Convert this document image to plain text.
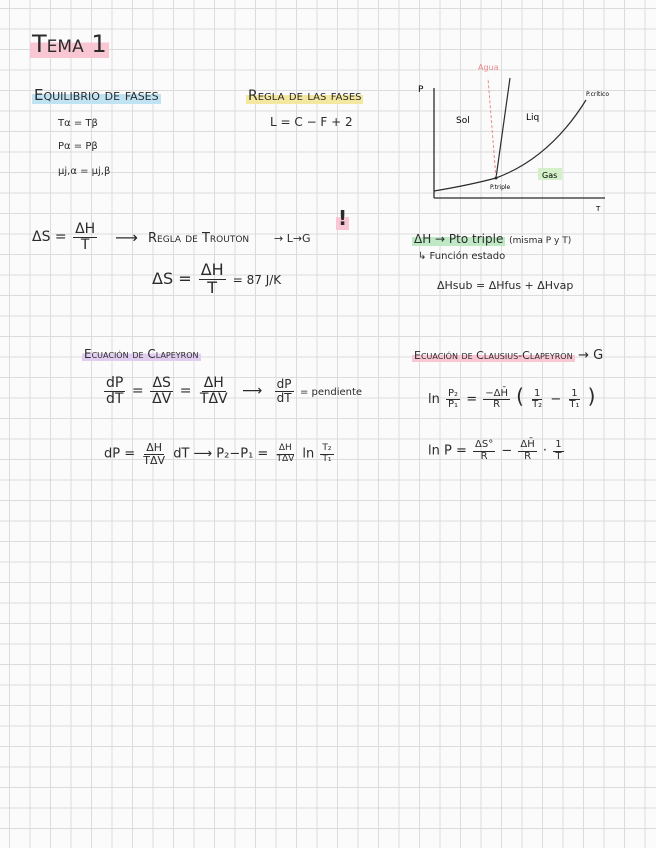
Tema 1
Equilibrio de fases
Tα = Tβ
Pα = Pβ
μj,α = μj,β
Regla de las fases
L = C − F + 2
P
T
Agua
Sol	Liq
Gas
P.triple
P.crítico
$\Delta S = \frac{\Delta H}{T}$ ⟶ Regla de Trouton → L→G
!
$\Delta S = \frac{\Delta H}{T} = 87$ J/K
ΔH → Pto triple (misma P y T)
↳ Función estado
ΔHsub = ΔHfus + ΔHvap
Ecuación de Clapeyron
$\frac{dP}{dT} = \frac{\Delta S}{\Delta V} = \frac{\Delta H}{\text{TΔV}}$ ⟶ $\frac{dP}{dT}$ = pendiente
dP = $\frac{\Delta H}{\text{TΔV}}$ dT ⟶ $P_2-P_1 = \frac{\Delta H}{\text{TΔV}}$ $\ln \frac{\text{T₂}}{\text{T₁}}$
Ecuación de Clausius-Clapeyron → G
$\ln \frac{\text{P₂}}{\text{P₁}} = \frac{-\Delta H̄}{R}$ ( $\frac{1}{\text{T₂}} - \frac{1}{\text{T₁}}$ )
$\ln P = \frac{\Delta S^\circ}{R} - \frac{\Delta H̄}{R} \cdot \frac{1}{T}$
